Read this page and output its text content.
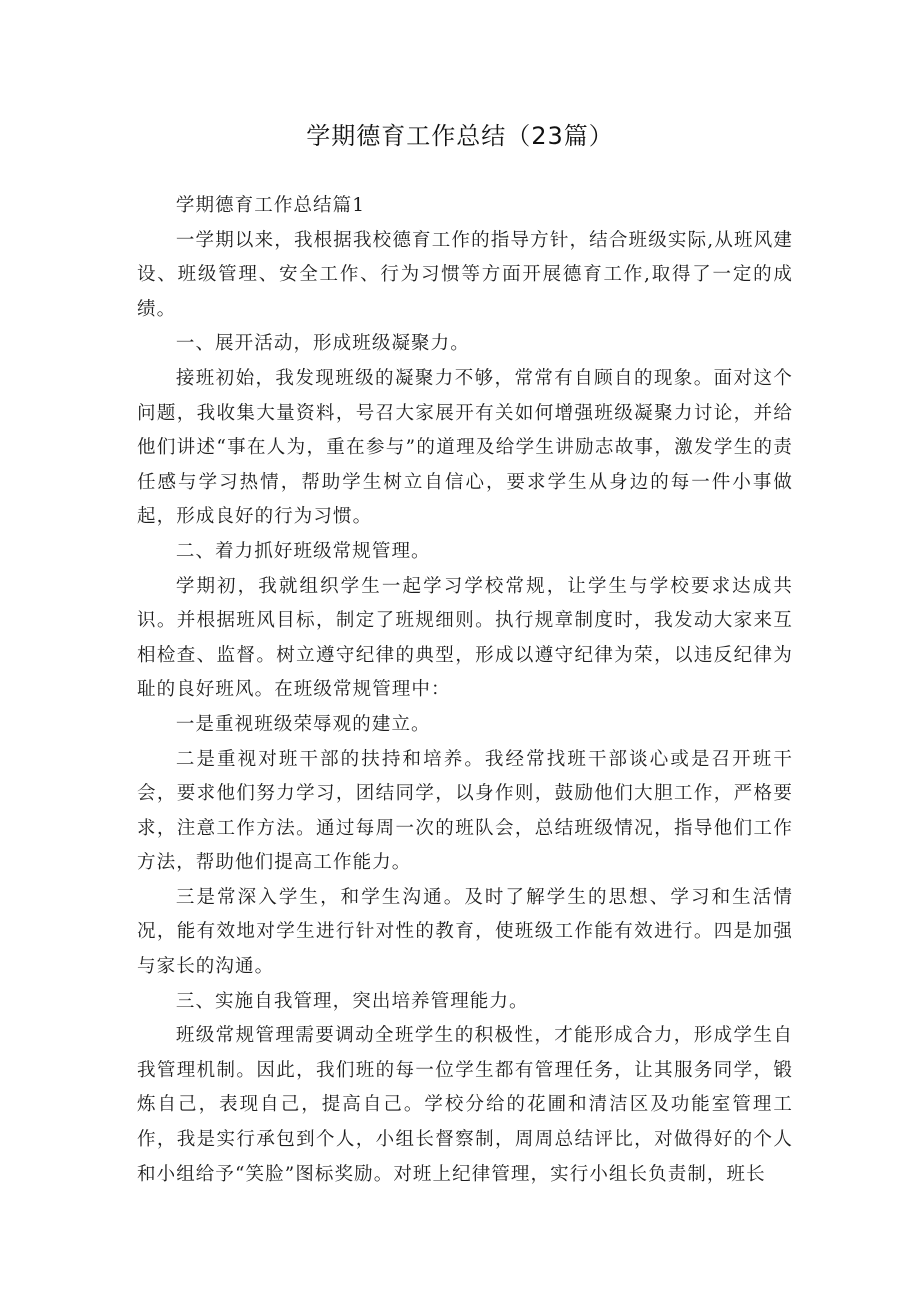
学期德育工作总结（23篇）

学期德育工作总结篇1

一学期以来，我根据我校德育工作的指导方针，结合班级实际,从班风建设、班级管理、安全工作、行为习惯等方面开展德育工作,取得了一定的成绩。

一、展开活动，形成班级凝聚力。

接班初始，我发现班级的凝聚力不够，常常有自顾自的现象。面对这个问题，我收集大量资料，号召大家展开有关如何增强班级凝聚力讨论，并给他们讲述“事在人为，重在参与”的道理及给学生讲励志故事，激发学生的责任感与学习热情，帮助学生树立自信心，要求学生从身边的每一件小事做起，形成良好的行为习惯。

二、着力抓好班级常规管理。

学期初，我就组织学生一起学习学校常规，让学生与学校要求达成共识。并根据班风目标，制定了班规细则。执行规章制度时，我发动大家来互相检查、监督。树立遵守纪律的典型，形成以遵守纪律为荣，以违反纪律为耻的良好班风。在班级常规管理中：

一是重视班级荣辱观的建立。

二是重视对班干部的扶持和培养。我经常找班干部谈心或是召开班干会，要求他们努力学习，团结同学，以身作则，鼓励他们大胆工作，严格要求，注意工作方法。通过每周一次的班队会，总结班级情况，指导他们工作方法，帮助他们提高工作能力。

三是常深入学生，和学生沟通。及时了解学生的思想、学习和生活情况，能有效地对学生进行针对性的教育，使班级工作能有效进行。四是加强与家长的沟通。

三、实施自我管理，突出培养管理能力。

班级常规管理需要调动全班学生的积极性，才能形成合力，形成学生自我管理机制。因此，我们班的每一位学生都有管理任务，让其服务同学，锻炼自己，表现自己，提高自己。学校分给的花圃和清洁区及功能室管理工作，我是实行承包到个人，小组长督察制，周周总结评比，对做得好的个人和小组给予“笑脸”图标奖励。对班上纪律管理，实行小组长负责制，班长
